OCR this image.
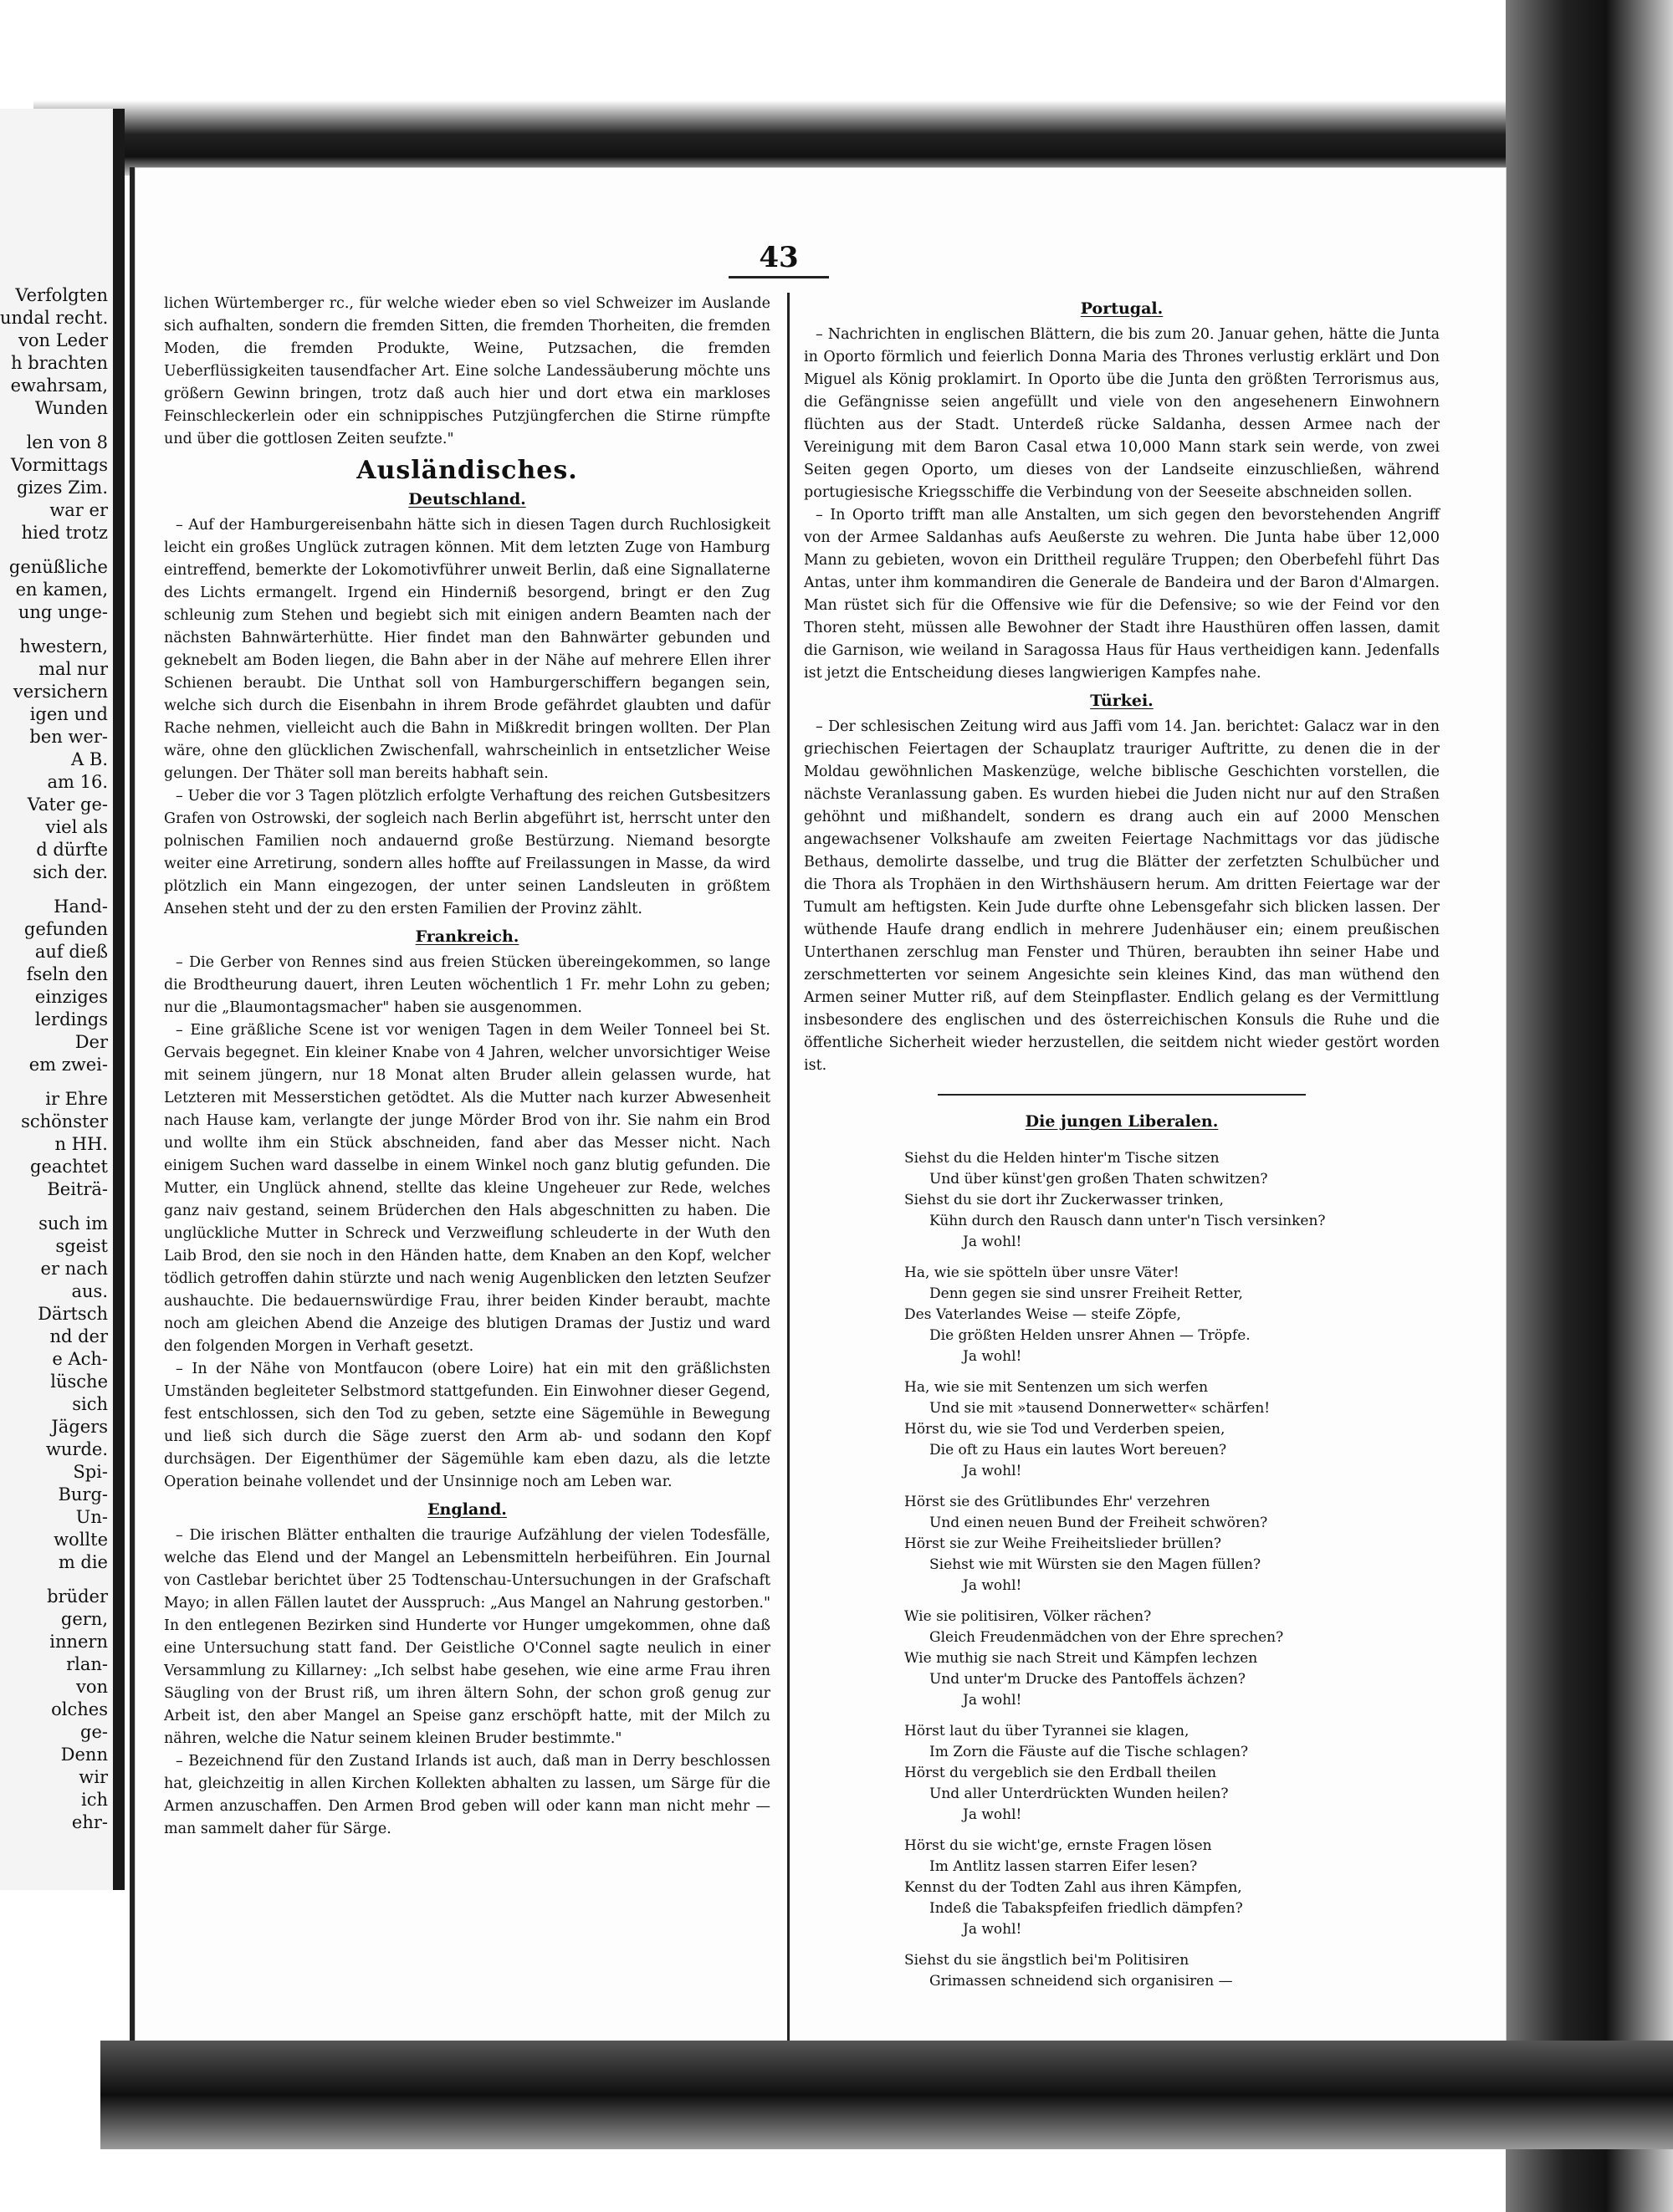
Verfolgten
undal recht.
von Leder
h brachten
ewahrsam,
Wunden
len von 8
Vormittags
gizes Zim.
war er
hied trotz
genüßliche
en kamen,
ung unge-
hwestern,
mal nur
versichern
igen und
ben wer-
A B.
am 16.
Vater ge-
viel als
d dürfte
sich der.
Hand-
gefunden
auf dieß
fseln den
einziges
lerdings
Der
em zwei-
ir Ehre
schönster
n HH.
geachtet
Beiträ-
such im
sgeist
er nach
aus.
Därtsch
nd der
e Ach-
lüsche
sich
Jägers
wurde.
Spi-
Burg-
Un-
wollte
m die
brüder
gern,
innern
rlan-
von
olches
ge-
Denn
wir
ich
ehr-
43

lichen Würtemberger rc., für welche wieder eben so viel Schweizer im Auslande sich aufhalten, sondern die fremden Sitten, die fremden Thorheiten, die fremden Moden, die fremden Produkte, Weine, Putzsachen, die fremden Ueberflüssigkeiten tausendfacher Art. Eine solche Landessäuberung möchte uns größern Gewinn bringen, trotz daß auch hier und dort etwa ein markloses Feinschleckerlein oder ein schnippisches Putzjüngferchen die Stirne rümpfte und über die gottlosen Zeiten seufzte."

Ausländisches.
Deutschland.

– Auf der Hamburgereisenbahn hätte sich in diesen Tagen durch Ruchlosigkeit leicht ein großes Unglück zutragen können. Mit dem letzten Zuge von Hamburg eintreffend, bemerkte der Lokomotivführer unweit Berlin, daß eine Signallaterne des Lichts ermangelt. Irgend ein Hinderniß besorgend, bringt er den Zug schleunig zum Stehen und begiebt sich mit einigen andern Beamten nach der nächsten Bahnwärterhütte. Hier findet man den Bahnwärter gebunden und geknebelt am Boden liegen, die Bahn aber in der Nähe auf mehrere Ellen ihrer Schienen beraubt. Die Unthat soll von Hamburgerschiffern begangen sein, welche sich durch die Eisenbahn in ihrem Brode gefährdet glaubten und dafür Rache nehmen, vielleicht auch die Bahn in Mißkredit bringen wollten. Der Plan wäre, ohne den glücklichen Zwischenfall, wahrscheinlich in entsetzlicher Weise gelungen. Der Thäter soll man bereits habhaft sein.

– Ueber die vor 3 Tagen plötzlich erfolgte Verhaftung des reichen Gutsbesitzers Grafen von Ostrowski, der sogleich nach Berlin abgeführt ist, herrscht unter den polnischen Familien noch andauernd große Bestürzung. Niemand besorgte weiter eine Arretirung, sondern alles hoffte auf Freilassungen in Masse, da wird plötzlich ein Mann eingezogen, der unter seinen Landsleuten in größtem Ansehen steht und der zu den ersten Familien der Provinz zählt.

Frankreich.

– Die Gerber von Rennes sind aus freien Stücken übereingekommen, so lange die Brodtheurung dauert, ihren Leuten wöchentlich 1 Fr. mehr Lohn zu geben; nur die „Blaumontagsmacher" haben sie ausgenommen.

– Eine gräßliche Scene ist vor wenigen Tagen in dem Weiler Tonneel bei St. Gervais begegnet. Ein kleiner Knabe von 4 Jahren, welcher unvorsichtiger Weise mit seinem jüngern, nur 18 Monat alten Bruder allein gelassen wurde, hat Letzteren mit Messerstichen getödtet. Als die Mutter nach kurzer Abwesenheit nach Hause kam, verlangte der junge Mörder Brod von ihr. Sie nahm ein Brod und wollte ihm ein Stück abschneiden, fand aber das Messer nicht. Nach einigem Suchen ward dasselbe in einem Winkel noch ganz blutig gefunden. Die Mutter, ein Unglück ahnend, stellte das kleine Ungeheuer zur Rede, welches ganz naiv gestand, seinem Brüderchen den Hals abgeschnitten zu haben. Die unglückliche Mutter in Schreck und Verzweiflung schleuderte in der Wuth den Laib Brod, den sie noch in den Händen hatte, dem Knaben an den Kopf, welcher tödlich getroffen dahin stürzte und nach wenig Augenblicken den letzten Seufzer aushauchte. Die bedauernswürdige Frau, ihrer beiden Kinder beraubt, machte noch am gleichen Abend die Anzeige des blutigen Dramas der Justiz und ward den folgenden Morgen in Verhaft gesetzt.

– In der Nähe von Montfaucon (obere Loire) hat ein mit den gräßlichsten Umständen begleiteter Selbstmord stattgefunden. Ein Einwohner dieser Gegend, fest entschlossen, sich den Tod zu geben, setzte eine Sägemühle in Bewegung und ließ sich durch die Säge zuerst den Arm ab- und sodann den Kopf durchsägen. Der Eigenthümer der Sägemühle kam eben dazu, als die letzte Operation beinahe vollendet und der Unsinnige noch am Leben war.

England.

– Die irischen Blätter enthalten die traurige Aufzählung der vielen Todesfälle, welche das Elend und der Mangel an Lebensmitteln herbeiführen. Ein Journal von Castlebar berichtet über 25 Todtenschau-Untersuchungen in der Grafschaft Mayo; in allen Fällen lautet der Ausspruch: „Aus Mangel an Nahrung gestorben." In den entlegenen Bezirken sind Hunderte vor Hunger umgekommen, ohne daß eine Untersuchung statt fand. Der Geistliche O'Connel sagte neulich in einer Versammlung zu Killarney: „Ich selbst habe gesehen, wie eine arme Frau ihren Säugling von der Brust riß, um ihren ältern Sohn, der schon groß genug zur Arbeit ist, den aber Mangel an Speise ganz erschöpft hatte, mit der Milch zu nähren, welche die Natur seinem kleinen Bruder bestimmte."

– Bezeichnend für den Zustand Irlands ist auch, daß man in Derry beschlossen hat, gleichzeitig in allen Kirchen Kollekten abhalten zu lassen, um Särge für die Armen anzuschaffen. Den Armen Brod geben will oder kann man nicht mehr — man sammelt daher für Särge.

Portugal.

– Nachrichten in englischen Blättern, die bis zum 20. Januar gehen, hätte die Junta in Oporto förmlich und feierlich Donna Maria des Thrones verlustig erklärt und Don Miguel als König proklamirt. In Oporto übe die Junta den größten Terrorismus aus, die Gefängnisse seien angefüllt und viele von den angesehenern Einwohnern flüchten aus der Stadt. Unterdeß rücke Saldanha, dessen Armee nach der Vereinigung mit dem Baron Casal etwa 10,000 Mann stark sein werde, von zwei Seiten gegen Oporto, um dieses von der Landseite einzuschließen, während portugiesische Kriegsschiffe die Verbindung von der Seeseite abschneiden sollen.

– In Oporto trifft man alle Anstalten, um sich gegen den bevorstehenden Angriff von der Armee Saldanhas aufs Aeußerste zu wehren. Die Junta habe über 12,000 Mann zu gebieten, wovon ein Drittheil reguläre Truppen; den Oberbefehl führt Das Antas, unter ihm kommandiren die Generale de Bandeira und der Baron d'Almargen. Man rüstet sich für die Offensive wie für die Defensive; so wie der Feind vor den Thoren steht, müssen alle Bewohner der Stadt ihre Hausthüren offen lassen, damit die Garnison, wie weiland in Saragossa Haus für Haus vertheidigen kann. Jedenfalls ist jetzt die Entscheidung dieses langwierigen Kampfes nahe.

Türkei.

– Der schlesischen Zeitung wird aus Jaffi vom 14. Jan. berichtet: Galacz war in den griechischen Feiertagen der Schauplatz trauriger Auftritte, zu denen die in der Moldau gewöhnlichen Maskenzüge, welche biblische Geschichten vorstellen, die nächste Veranlassung gaben. Es wurden hiebei die Juden nicht nur auf den Straßen gehöhnt und mißhandelt, sondern es drang auch ein auf 2000 Menschen angewachsener Volkshaufe am zweiten Feiertage Nachmittags vor das jüdische Bethaus, demolirte dasselbe, und trug die Blätter der zerfetzten Schulbücher und die Thora als Trophäen in den Wirthshäusern herum. Am dritten Feiertage war der Tumult am heftigsten. Kein Jude durfte ohne Lebensgefahr sich blicken lassen. Der wüthende Haufe drang endlich in mehrere Judenhäuser ein; einem preußischen Unterthanen zerschlug man Fenster und Thüren, beraubten ihn seiner Habe und zerschmetterten vor seinem Angesichte sein kleines Kind, das man wüthend den Armen seiner Mutter riß, auf dem Steinpflaster. Endlich gelang es der Vermittlung insbesondere des englischen und des österreichischen Konsuls die Ruhe und die öffentliche Sicherheit wieder herzustellen, die seitdem nicht wieder gestört worden ist.

Die jungen Liberalen.
Siehst du die Helden hinter'm Tische sitzen
Und über künst'gen großen Thaten schwitzen?
Siehst du sie dort ihr Zuckerwasser trinken,
Kühn durch den Rausch dann unter'n Tisch versinken?
Ja wohl!
Ha, wie sie spötteln über unsre Väter!
Denn gegen sie sind unsrer Freiheit Retter,
Des Vaterlandes Weise — steife Zöpfe,
Die größten Helden unsrer Ahnen — Tröpfe.
Ja wohl!
Ha, wie sie mit Sentenzen um sich werfen
Und sie mit »tausend Donnerwetter« schärfen!
Hörst du, wie sie Tod und Verderben speien,
Die oft zu Haus ein lautes Wort bereuen?
Ja wohl!
Hörst sie des Grütlibundes Ehr' verzehren
Und einen neuen Bund der Freiheit schwören?
Hörst sie zur Weihe Freiheitslieder brüllen?
Siehst wie mit Würsten sie den Magen füllen?
Ja wohl!
Wie sie politisiren, Völker rächen?
Gleich Freudenmädchen von der Ehre sprechen?
Wie muthig sie nach Streit und Kämpfen lechzen
Und unter'm Drucke des Pantoffels ächzen?
Ja wohl!
Hörst laut du über Tyrannei sie klagen,
Im Zorn die Fäuste auf die Tische schlagen?
Hörst du vergeblich sie den Erdball theilen
Und aller Unterdrückten Wunden heilen?
Ja wohl!
Hörst du sie wicht'ge, ernste Fragen lösen
Im Antlitz lassen starren Eifer lesen?
Kennst du der Todten Zahl aus ihren Kämpfen,
Indeß die Tabakspfeifen friedlich dämpfen?
Ja wohl!
Siehst du sie ängstlich bei'm Politisiren
Grimassen schneidend sich organisiren —
